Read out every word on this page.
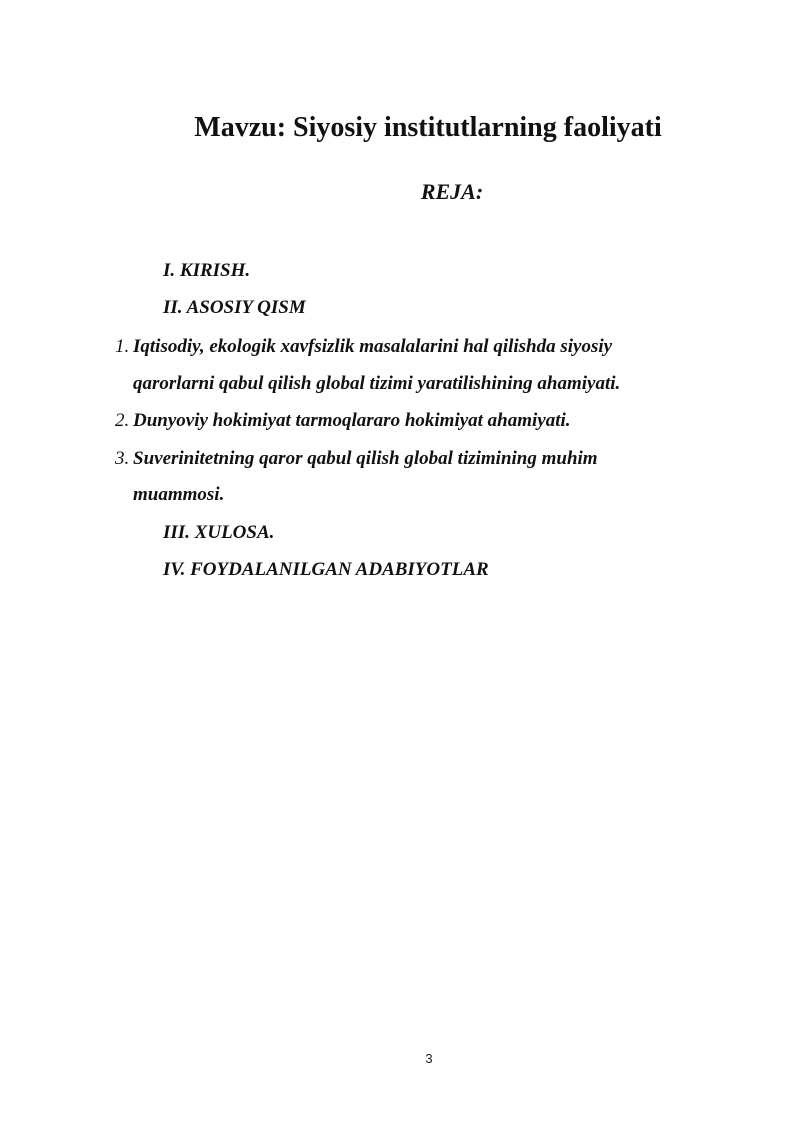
Mavzu: Siyosiy institutlarning faoliyati
REJA:
I. KIRISH.
II. ASOSIY QISM
1. Iqtisodiy, ekologik xavfsizlik masalalarini hal qilishda siyosiy
qarorlarni qabul qilish global tizimi yaratilishining ahamiyati.
2. Dunyoviy hokimiyat tarmoqlararo hokimiyat ahamiyati.
3. Suverinitetning qaror qabul qilish global tizimining muhim
muammosi.
III. XULOSA.
IV. FOYDALANILGAN ADABIYOTLAR
3
